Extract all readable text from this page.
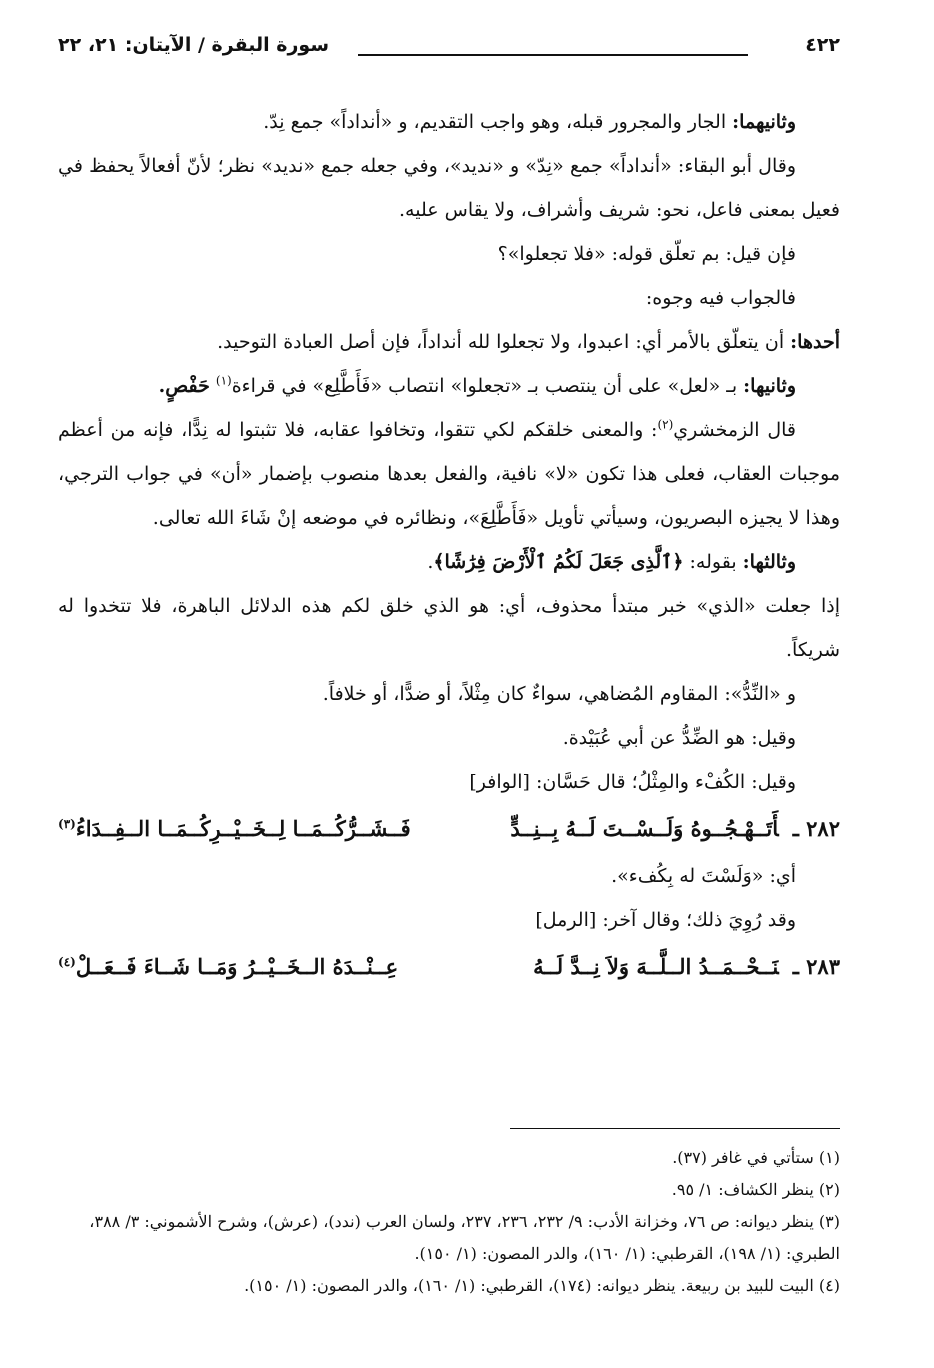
٤٢٢
سورة البقرة / الآيتان: ٢١، ٢٢

وثانيهما: الجار والمجرور قبله، وهو واجب التقديم، و «أنداداً» جمع نِدّ.

وقال أبو البقاء: «أنداداً» جمع «نِدّ» و «نديد»، وفي جعله جمع «نديد» نظر؛ لأنّ أفعالاً يحفظ في فعيل بمعنى فاعل، نحو: شريف وأشراف، ولا يقاس عليه.

فإن قيل: بم تعلّق قوله: «فلا تجعلوا»؟

فالجواب فيه وجوه:

أحدها: أن يتعلّق بالأمر أي: اعبدوا، ولا تجعلوا لله أنداداً، فإن أصل العبادة التوحيد.

وثانيها: بـ «لعل» على أن ينتصب بـ «تجعلوا» انتصاب «فَأَطَّلِع» في قراءة$^{(١)}$ حَفْصٍ.

قال الزمخشري$^{(٢)}$: والمعنى خلقكم لكي تتقوا، وتخافوا عقابه، فلا تثبتوا له نِدًّا، فإنه من أعظم موجبات العقاب، فعلى هذا تكون «لا» نافية، والفعل بعدها منصوب بإضمار «أن» في جواب الترجي، وهذا لا يجيزه البصريون، وسيأتي تأويل «فَأَطَّلِعَ»، ونظائره في موضعه إنْ شَاءَ الله تعالى.

وثالثها: بقوله: ﴿ٱلَّذِى جَعَلَ لَكُمُ ٱلْأَرْضَ فِرَٰشًا﴾.

إذا جعلت «الذي» خبر مبتدأ محذوف، أي: هو الذي خلق لكم هذه الدلائل الباهرة، فلا تتخدوا له شريكاً.

و «النِّدُّ»: المقاوم المُضاهي، سواءٌ كان مِثْلاً، أو ضدًّا، أو خلافاً.

وقيل: هو الضِّدُّ عن أبي عُبَيْدة.

وقيل: الكُفْء والمِثْلُ؛ قال حَسَّان: [الوافر]

٢٨٢ ـأَتَــهْـجُــوهُ وَلَــسْــتَ لَــهُ بِــنِــدٍّ
فَــشَــرُّكُــمَــا لِــخَــيْــرِكُــمَــا الــفِــدَاءُ$^{(٣)}$

أي: «وَلَسْتَ له بِكُفء».

وقد رُوِيَ ذلك؛ وقال آخر: [الرمل]

٢٨٣ ـنَــحْــمَــدُ الــلَّــهَ وَلاَ نِــدَّ لَــهُ
عِــنْــدَهُ الــخَــيْــرُ وَمَــا شَــاءَ فَــعَــلْ$^{(٤)}$

(١) ستأتي في غافر (٣٧).

(٢) ينظر الكشاف: ١/ ٩٥.

(٣) ينظر ديوانه: ص ٧٦، وخزانة الأدب: ٩/ ٢٣٢، ٢٣٦، ٢٣٧، ولسان العرب (ندد)، (عرش)، وشرح الأشموني: ٣/ ٣٨٨، الطبري: (١/ ١٩٨)، القرطبي: (١/ ١٦٠)، والدر المصون: (١/ ١٥٠).

(٤) البيت للبيد بن ربيعة. ينظر ديوانه: (١٧٤)، القرطبي: (١/ ١٦٠)، والدر المصون: (١/ ١٥٠).
